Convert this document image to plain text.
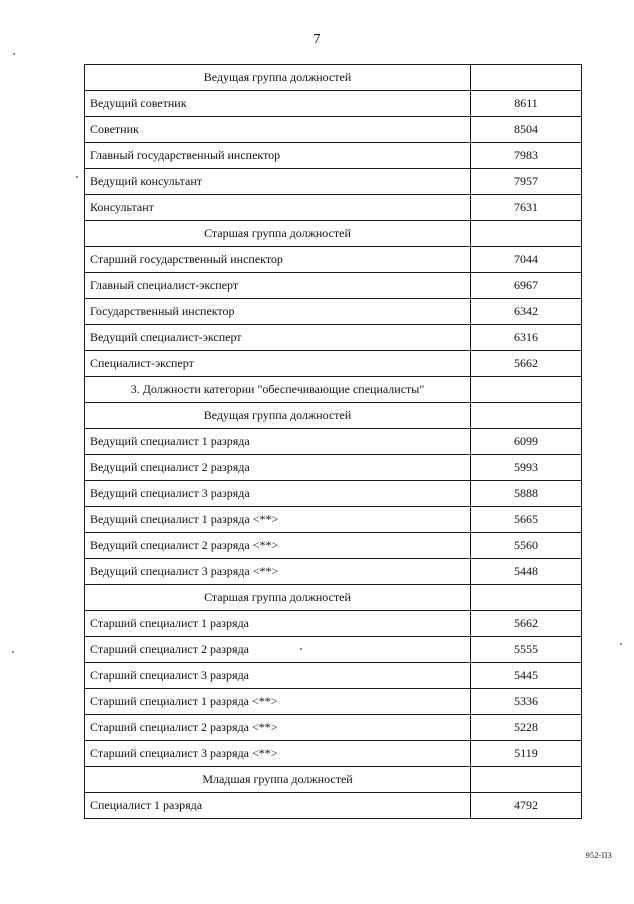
7
Ведущая группа должностей	
Ведущий советник	8611
Советник	8504
Главный государственный инспектор	7983
Ведущий консультант	7957
Консультант	7631
Старшая группа должностей	
Старший государственный инспектор	7044
Главный специалист-эксперт	6967
Государственный инспектор	6342
Ведущий специалист-эксперт	6316
Специалист-эксперт	5662
3. Должности категории "обеспечивающие специалисты"	
Ведущая группа должностей	
Ведущий специалист 1 разряда	6099
Ведущий специалист 2 разряда	5993
Ведущий специалист 3 разряда	5888
Ведущий специалист 1 разряда <**>	5665
Ведущий специалист 2 разряда <**>	5560
Ведущий специалист 3 разряда <**>	5448
Старшая группа должностей	
Старший специалист 1 разряда	5662
Старший специалист 2 разряда	5555
Старший специалист 3 разряда	5445
Старший специалист 1 разряда <**>	5336
Старший специалист 2 разряда <**>	5228
Старший специалист 3 разряда <**>	5119
Младшая группа должностей	
Специалист 1 разряда	4792
952-ПЗ
